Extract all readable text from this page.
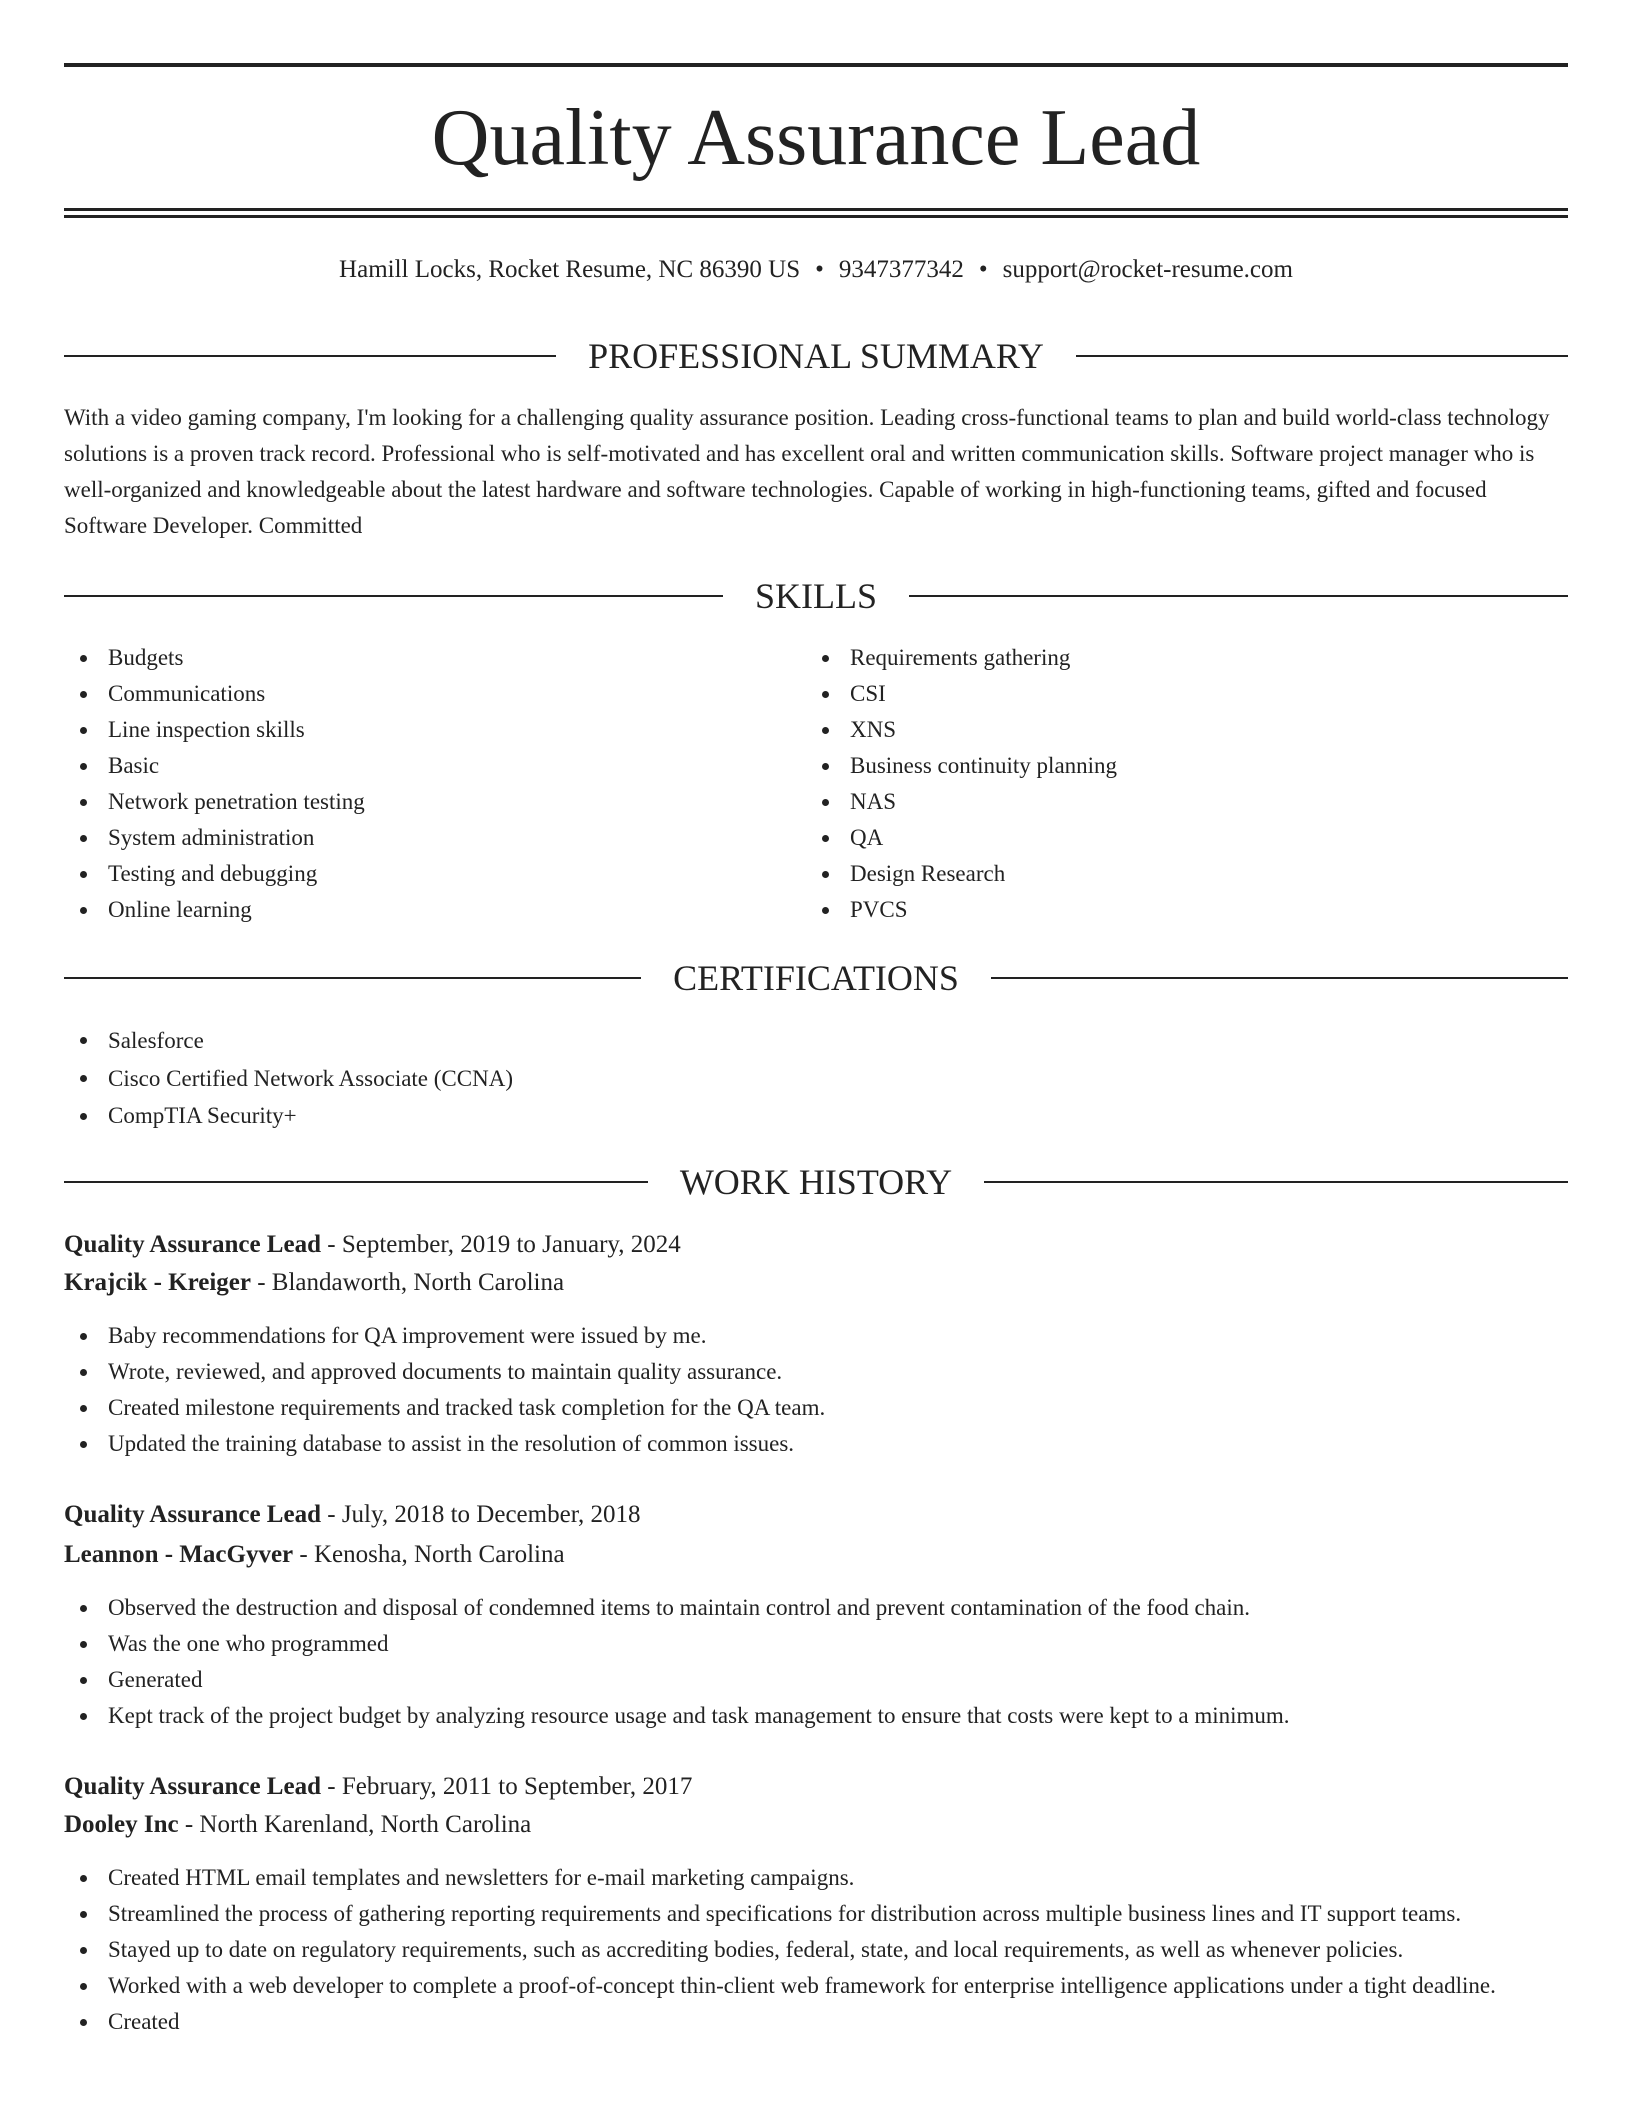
Quality Assurance Lead
Hamill Locks, Rocket Resume, NC 86390 US • 9347377342 • support@rocket-resume.com
PROFESSIONAL SUMMARY

With a video gaming company, I'm looking for a challenging quality assurance position. Leading cross-functional teams to plan and build world-class technology solutions is a proven track record. Professional who is self-motivated and has excellent oral and written communication skills. Software project manager who is well-organized and knowledgeable about the latest hardware and software technologies. Capable of working in high-functioning teams, gifted and focused Software Developer. Committed

SKILLS
Budgets
Communications
Line inspection skills
Basic
Network penetration testing
System administration
Testing and debugging
Online learning
Requirements gathering
CSI
XNS
Business continuity planning
NAS
QA
Design Research
PVCS
CERTIFICATIONS
Salesforce
Cisco Certified Network Associate (CCNA)
CompTIA Security+
WORK HISTORY

Quality Assurance Lead - September, 2019 to January, 2024

Krajcik - Kreiger - Blandaworth, North Carolina

Baby recommendations for QA improvement were issued by me.
Wrote, reviewed, and approved documents to maintain quality assurance.
Created milestone requirements and tracked task completion for the QA team.
Updated the training database to assist in the resolution of common issues.

Quality Assurance Lead - July, 2018 to December, 2018

Leannon - MacGyver - Kenosha, North Carolina

Observed the destruction and disposal of condemned items to maintain control and prevent contamination of the food chain.
Was the one who programmed
Generated
Kept track of the project budget by analyzing resource usage and task management to ensure that costs were kept to a minimum.

Quality Assurance Lead - February, 2011 to September, 2017

Dooley Inc - North Karenland, North Carolina

Created HTML email templates and newsletters for e-mail marketing campaigns.
Streamlined the process of gathering reporting requirements and specifications for distribution across multiple business lines and IT support teams.
Stayed up to date on regulatory requirements, such as accrediting bodies, federal, state, and local requirements, as well as whenever policies.
Worked with a web developer to complete a proof-of-concept thin-client web framework for enterprise intelligence applications under a tight deadline.
Created
